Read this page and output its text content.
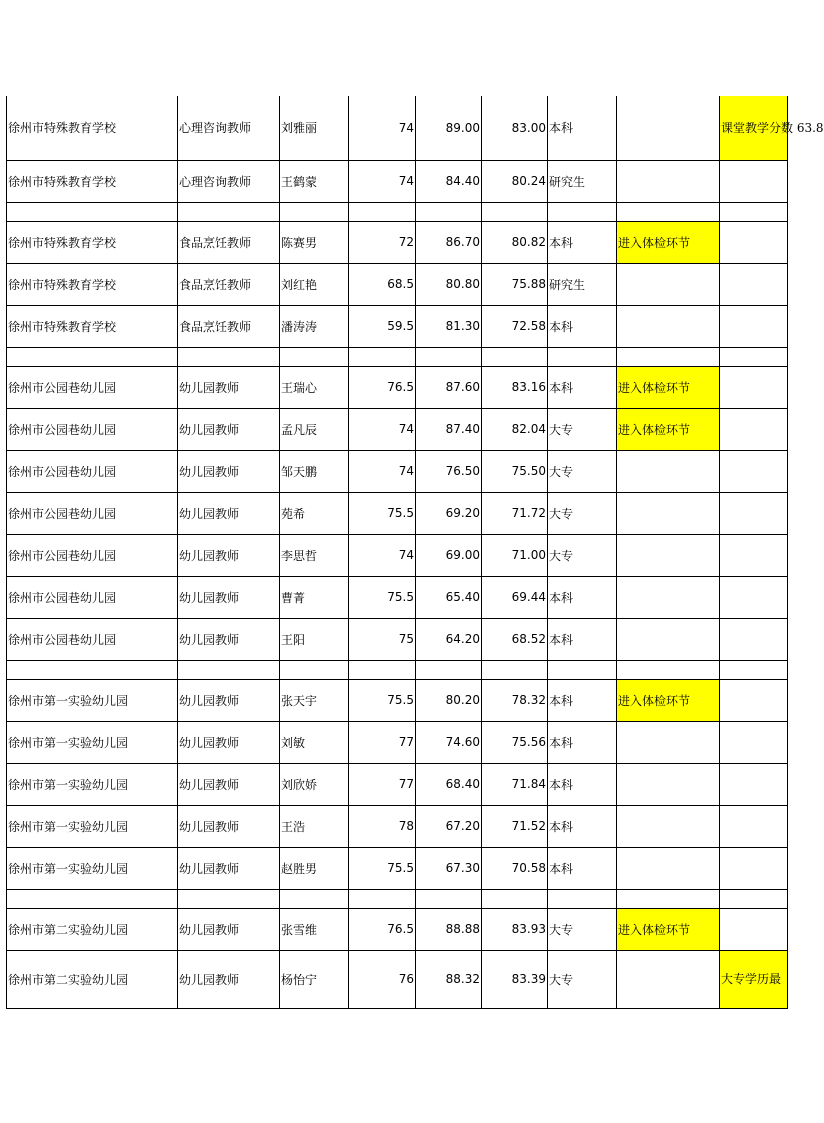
徐州市特殊教育学校	心理咨询教师	刘雅丽	74	89.00	83.00	本科		课堂教学分数 63.8
徐州市特殊教育学校	心理咨询教师	王鹤蒙	74	84.40	80.24	研究生		

徐州市特殊教育学校	食品烹饪教师	陈赛男	72	86.70	80.82	本科	进入体检环节	
徐州市特殊教育学校	食品烹饪教师	刘红艳	68.5	80.80	75.88	研究生		
徐州市特殊教育学校	食品烹饪教师	潘涛涛	59.5	81.30	72.58	本科		

徐州市公园巷幼儿园	幼儿园教师	王瑞心	76.5	87.60	83.16	本科	进入体检环节	
徐州市公园巷幼儿园	幼儿园教师	孟凡辰	74	87.40	82.04	大专	进入体检环节	
徐州市公园巷幼儿园	幼儿园教师	邹天鹏	74	76.50	75.50	大专		
徐州市公园巷幼儿园	幼儿园教师	苑希	75.5	69.20	71.72	大专		
徐州市公园巷幼儿园	幼儿园教师	李思哲	74	69.00	71.00	大专		
徐州市公园巷幼儿园	幼儿园教师	曹菁	75.5	65.40	69.44	本科		
徐州市公园巷幼儿园	幼儿园教师	王阳	75	64.20	68.52	本科		

徐州市第一实验幼儿园	幼儿园教师	张天宇	75.5	80.20	78.32	本科	进入体检环节	
徐州市第一实验幼儿园	幼儿园教师	刘敏	77	74.60	75.56	本科		
徐州市第一实验幼儿园	幼儿园教师	刘欣娇	77	68.40	71.84	本科		
徐州市第一实验幼儿园	幼儿园教师	王浩	78	67.20	71.52	本科		
徐州市第一实验幼儿园	幼儿园教师	赵胜男	75.5	67.30	70.58	本科		

徐州市第二实验幼儿园	幼儿园教师	张雪维	76.5	88.88	83.93	大专	进入体检环节	
徐州市第二实验幼儿园	幼儿园教师	杨怡宁	76	88.32	83.39	大专		大专学历最
